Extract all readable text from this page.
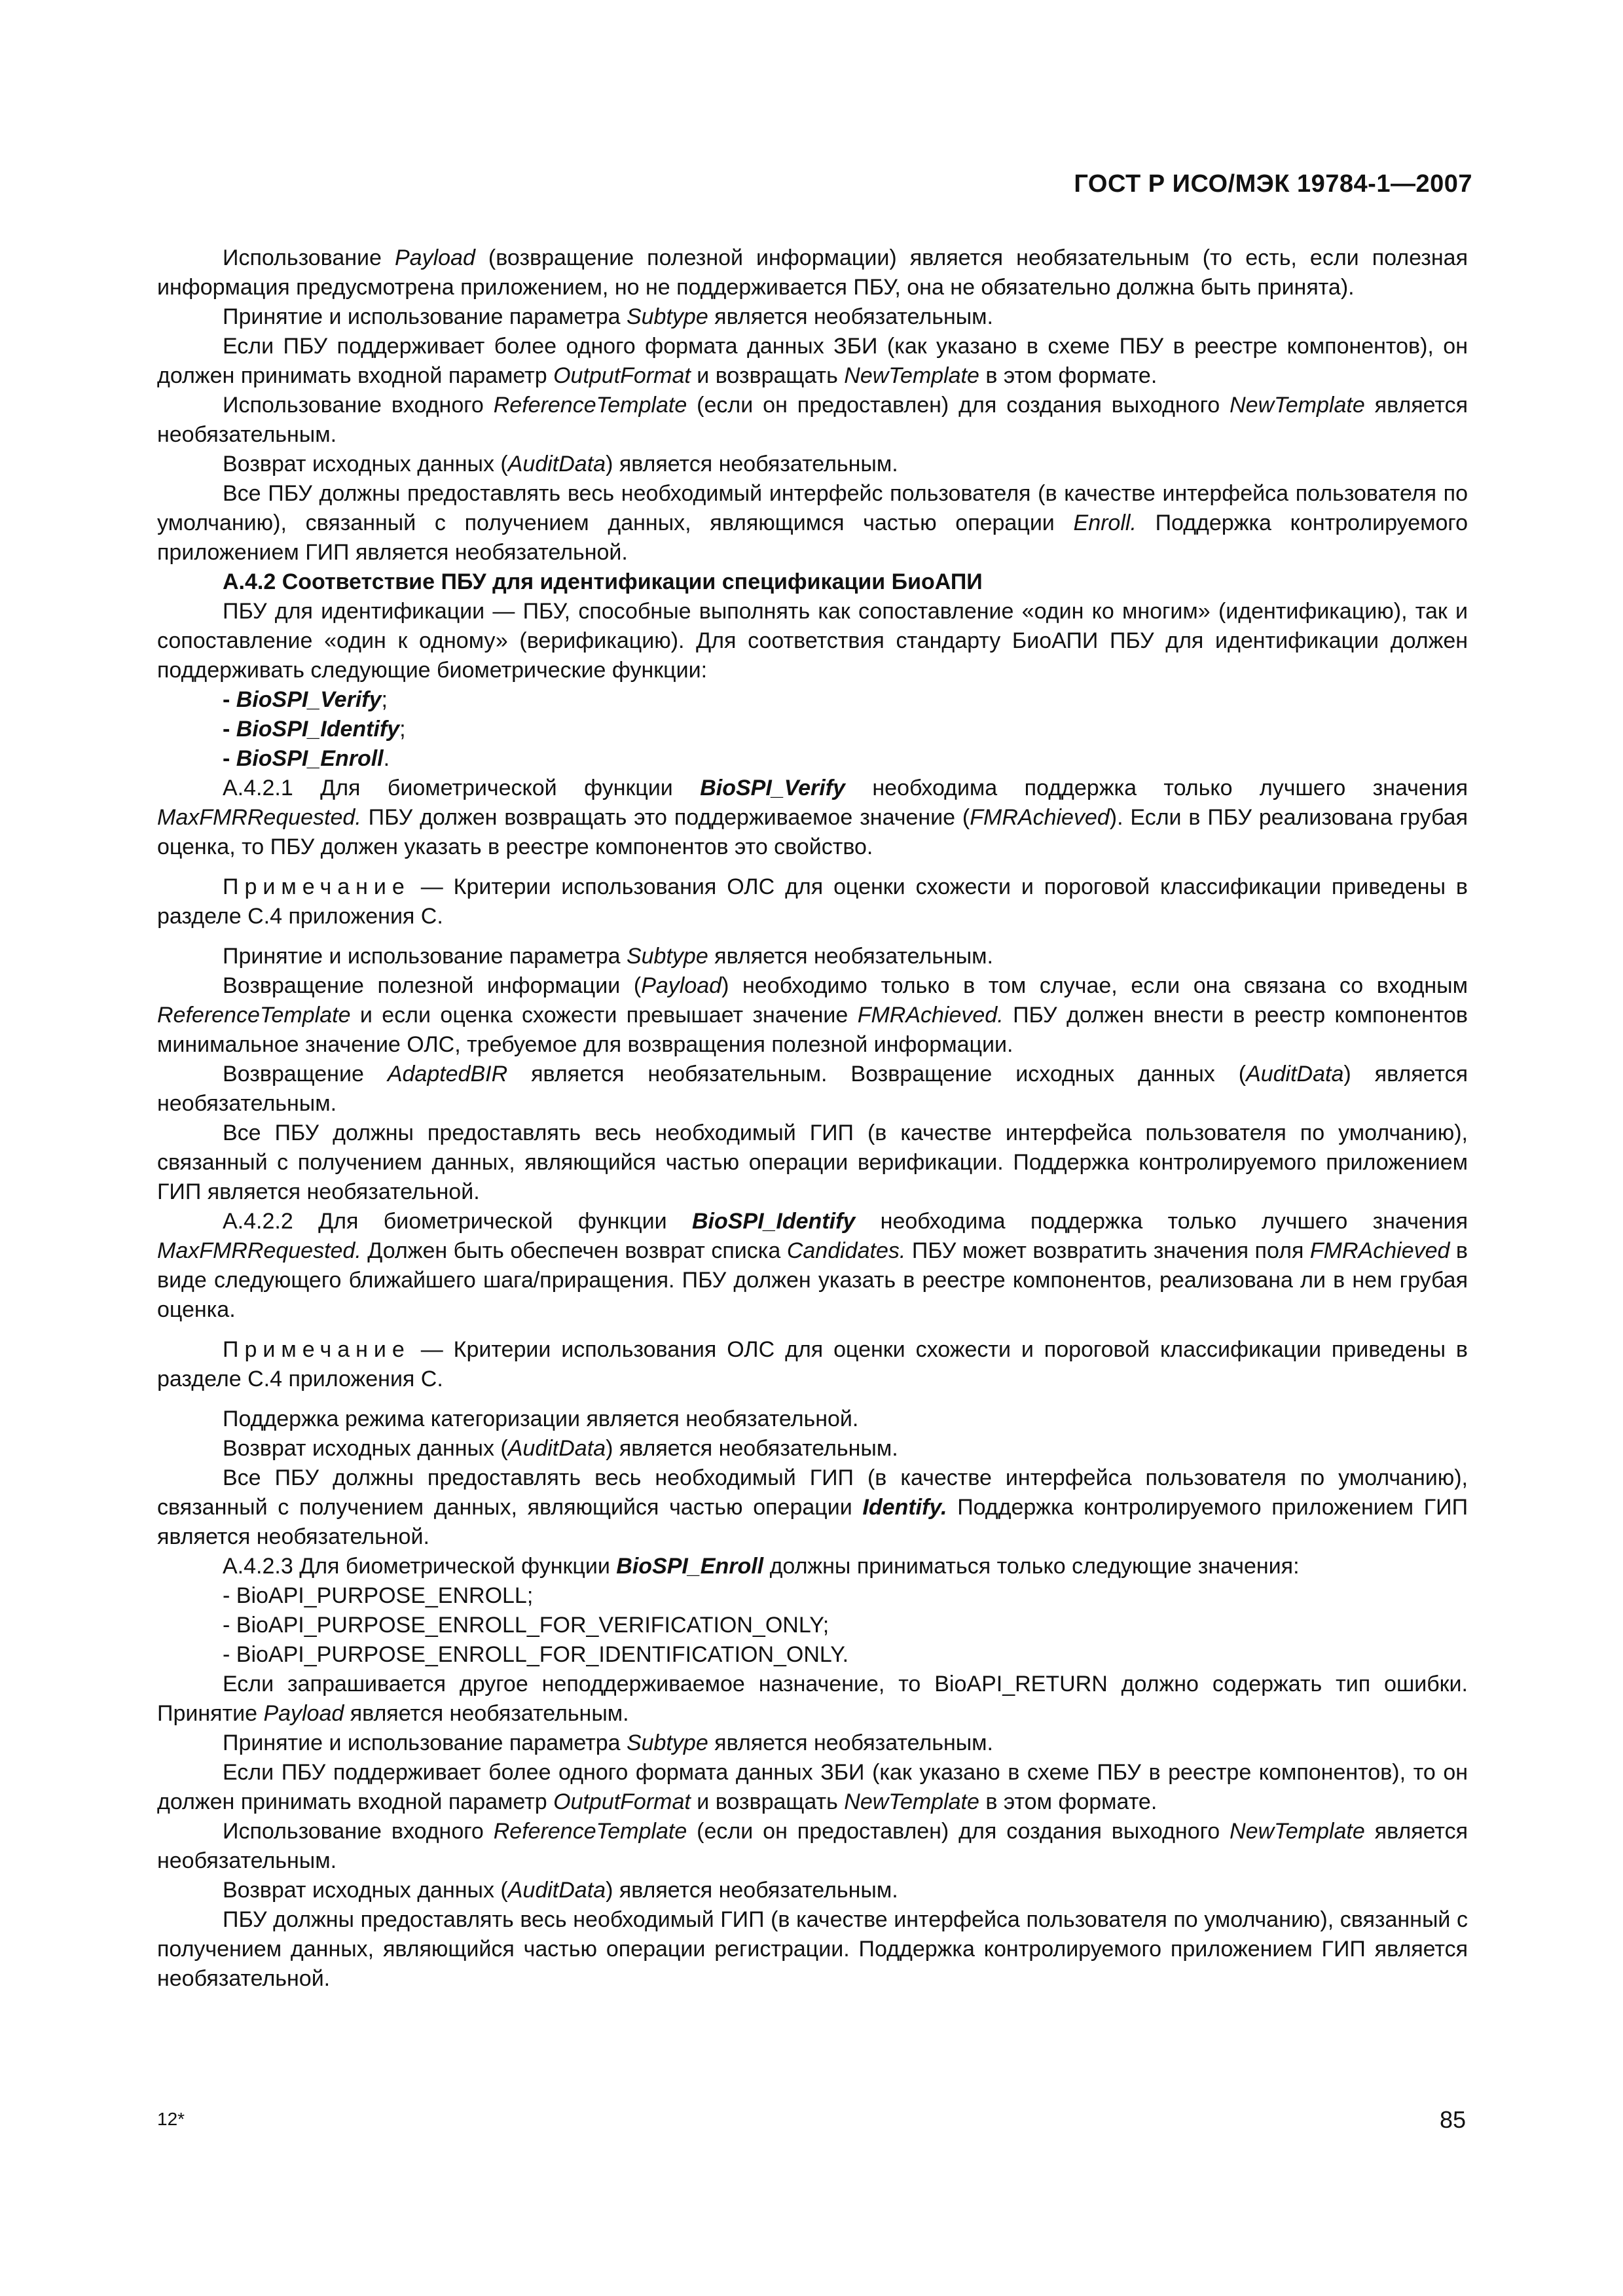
ГОСТ Р ИСО/МЭК 19784-1—2007

Использование Payload (возвращение полезной информации) является необязательным (то есть, если полезная информация предусмотрена приложением, но не поддерживается ПБУ, она не обязательно должна быть принята).

Принятие и использование параметра Subtype является необязательным.

Если ПБУ поддерживает более одного формата данных ЗБИ (как указано в схеме ПБУ в реестре компонентов), он должен принимать входной параметр OutputFormat и возвращать NewTemplate в этом формате.

Использование входного ReferenceTemplate (если он предоставлен) для создания выходного NewTemplate является необязательным.

Возврат исходных данных (AuditData) является необязательным.

Все ПБУ должны предоставлять весь необходимый интерфейс пользователя (в качестве интерфейса пользователя по умолчанию), связанный с получением данных, являющимся частью операции Enroll. Поддержка контролируемого приложением ГИП является необязательной.

А.4.2 Соответствие ПБУ для идентификации спецификации БиоАПИ

ПБУ для идентификации — ПБУ, способные выполнять как сопоставление «один ко многим» (идентификацию), так и сопоставление «один к одному» (верификацию). Для соответствия стандарту БиоАПИ ПБУ для идентификации должен поддерживать следующие биометрические функции:

- BioSPI_Verify;

- BioSPI_Identify;

- BioSPI_Enroll.

А.4.2.1 Для биометрической функции BioSPI_Verify необходима поддержка только лучшего значения MaxFMRRequested. ПБУ должен возвращать это поддерживаемое значение (FMRAchieved). Если в ПБУ реализована грубая оценка, то ПБУ должен указать в реестре компонентов это свойство.

Примечание — Критерии использования ОЛС для оценки схожести и пороговой классификации приведены в разделе С.4 приложения С.

Принятие и использование параметра Subtype является необязательным.

Возвращение полезной информации (Payload) необходимо только в том случае, если она связана со входным ReferenceTemplate и если оценка схожести превышает значение FMRAchieved. ПБУ должен внести в реестр компонентов минимальное значение ОЛС, требуемое для возвращения полезной информации.

Возвращение AdaptedBIR является необязательным. Возвращение исходных данных (AuditData) является необязательным.

Все ПБУ должны предоставлять весь необходимый ГИП (в качестве интерфейса пользователя по умолчанию), связанный с получением данных, являющийся частью операции верификации. Поддержка контролируемого приложением ГИП является необязательной.

А.4.2.2 Для биометрической функции BioSPI_Identify необходима поддержка только лучшего значения MaxFMRRequested. Должен быть обеспечен возврат списка Candidates. ПБУ может возвратить значения поля FMRAchieved в виде следующего ближайшего шага/приращения. ПБУ должен указать в реестре компонентов, реализована ли в нем грубая оценка.

Примечание — Критерии использования ОЛС для оценки схожести и пороговой классификации приведены в разделе С.4 приложения С.

Поддержка режима категоризации является необязательной.

Возврат исходных данных (AuditData) является необязательным.

Все ПБУ должны предоставлять весь необходимый ГИП (в качестве интерфейса пользователя по умолчанию), связанный с получением данных, являющийся частью операции Identify. Поддержка контролируемого приложением ГИП является необязательной.

А.4.2.3 Для биометрической функции BioSPI_Enroll должны приниматься только следующие значения:

- BioAPI_PURPOSE_ENROLL;

- BioAPI_PURPOSE_ENROLL_FOR_VERIFICATION_ONLY;

- BioAPI_PURPOSE_ENROLL_FOR_IDENTIFICATION_ONLY.

Если запрашивается другое неподдерживаемое назначение, то BioAPI_RETURN должно содержать тип ошибки. Принятие Payload является необязательным.

Принятие и использование параметра Subtype является необязательным.

Если ПБУ поддерживает более одного формата данных ЗБИ (как указано в схеме ПБУ в реестре компонентов), то он должен принимать входной параметр OutputFormat и возвращать NewTemplate в этом формате.

Использование входного ReferenceTemplate (если он предоставлен) для создания выходного NewTemplate является необязательным.

Возврат исходных данных (AuditData) является необязательным.

ПБУ должны предоставлять весь необходимый ГИП (в качестве интерфейса пользователя по умолчанию), связанный с получением данных, являющийся частью операции регистрации. Поддержка контролируемого приложением ГИП является необязательной.

12*	85
